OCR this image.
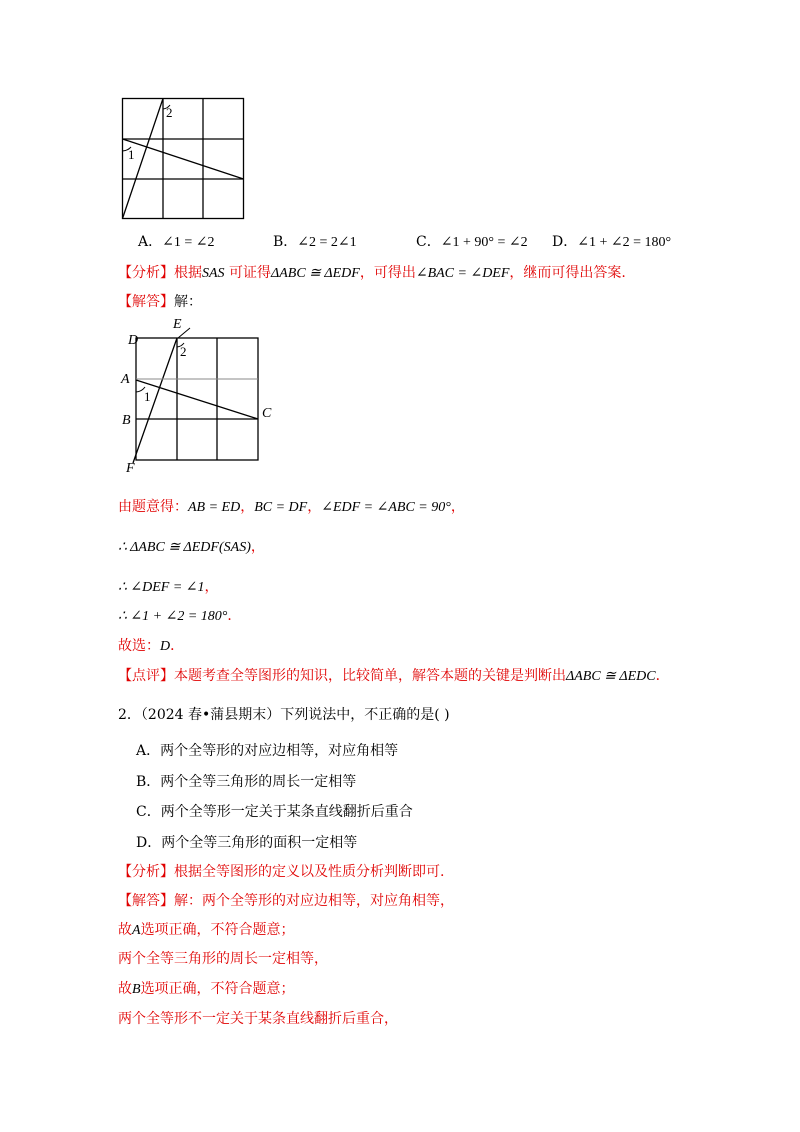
1
2
A．∠1 = ∠2	B．∠2 = 2∠1	C．∠1 + 90° = ∠2 D．∠1 + ∠2 = 180°
【分析】根据SAS 可证得ΔABC ≅ ΔEDF，可得出∠BAC = ∠DEF，继而可得出答案.
【解答】解：
D
E
A
B	C
F
1
2
由题意得：AB = ED，BC = DF，∠EDF = ∠ABC = 90°，
∴ ΔABC ≅ ΔEDF(SAS)，
∴ ∠DEF = ∠1，
∴ ∠1 + ∠2 = 180°．
故选：D．
【点评】本题考查全等图形的知识，比较简单，解答本题的关键是判断出ΔABC ≅ ΔEDC．
2．（2024 春•蒲县期末）下列说法中，不正确的是( )
A．两个全等形的对应边相等，对应角相等
B．两个全等三角形的周长一定相等
C．两个全等形一定关于某条直线翻折后重合
D．两个全等三角形的面积一定相等
【分析】根据全等图形的定义以及性质分析判断即可.
【解答】解：两个全等形的对应边相等，对应角相等，
故A选项正确，不符合题意；
两个全等三角形的周长一定相等，
故B选项正确，不符合题意；
两个全等形不一定关于某条直线翻折后重合，
